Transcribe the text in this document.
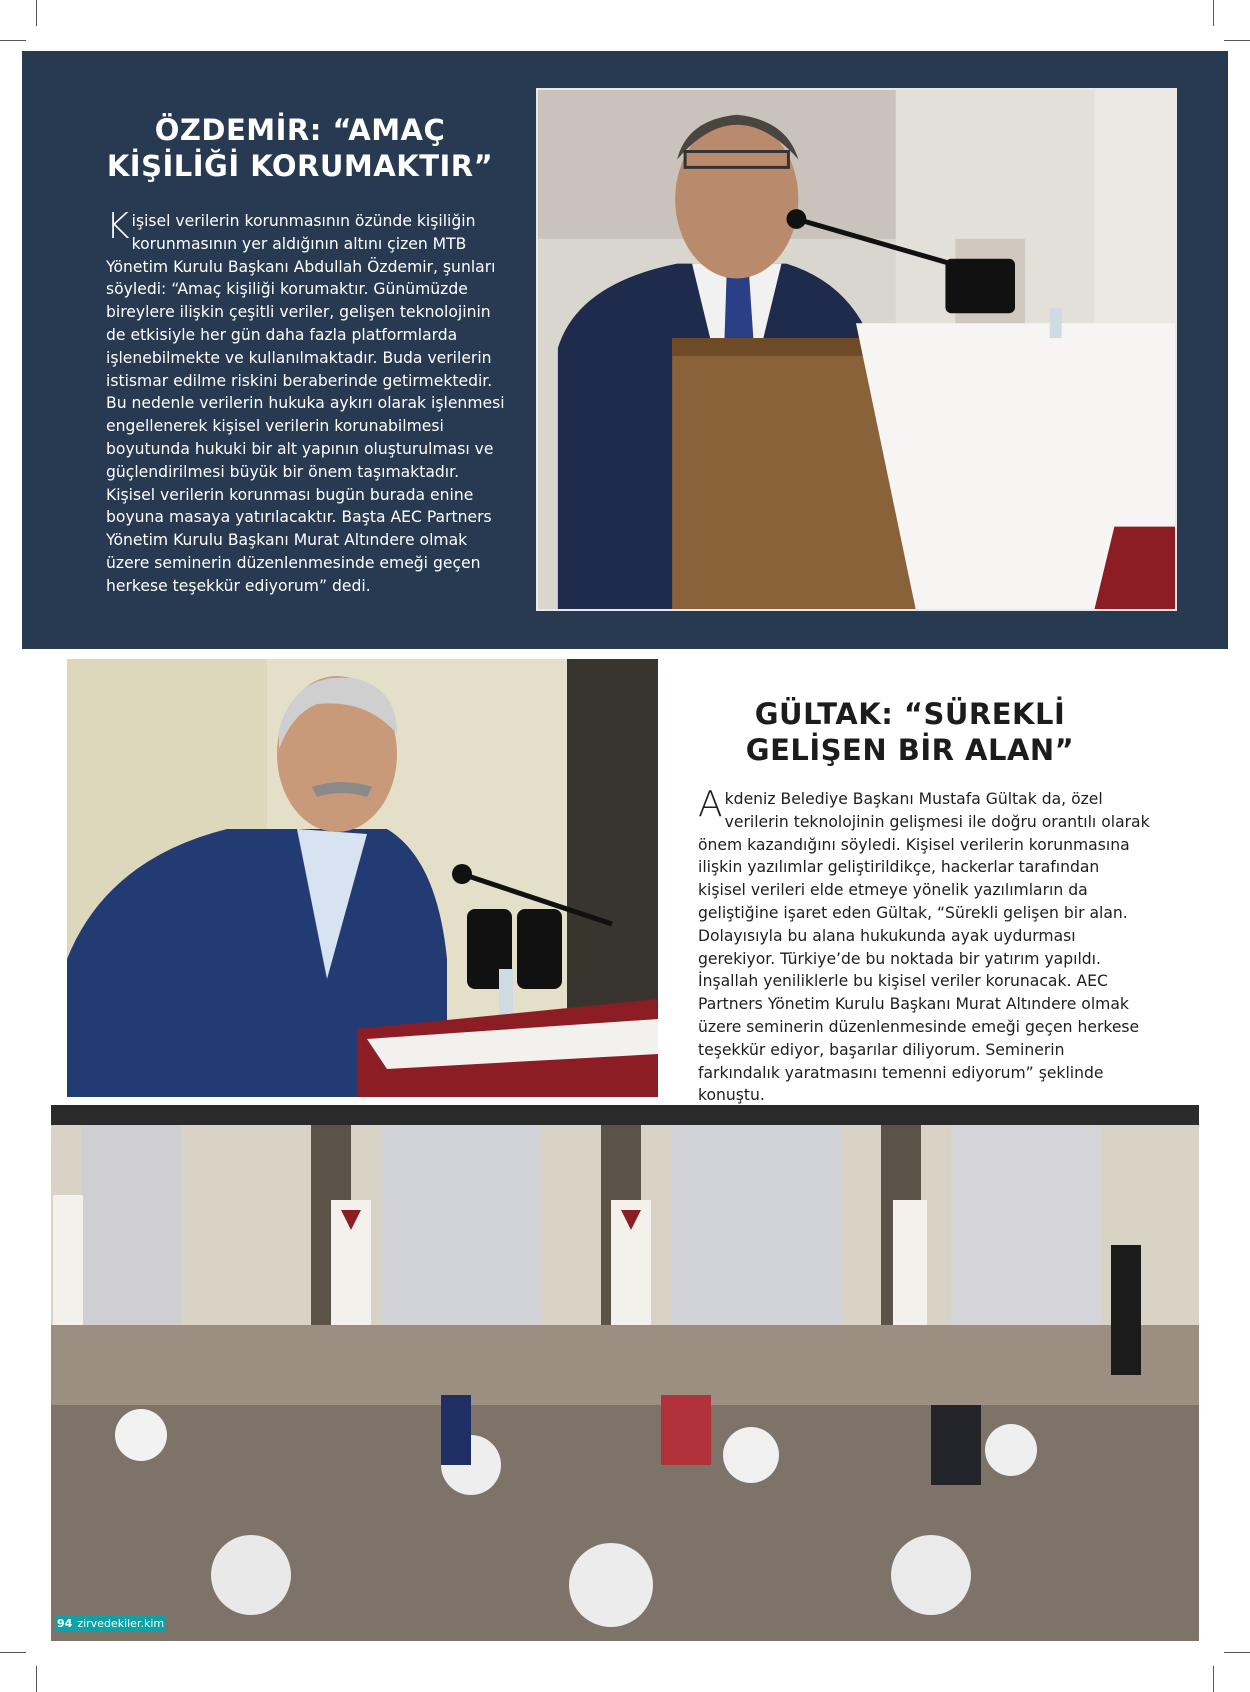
ÖZDEMİR: “AMAÇ
KİŞİLİĞİ KORUMAKTIR”

Kişisel verilerin korunmasının özünde kişiliğin korunmasının yer aldığının altını çizen MTB Yönetim Kurulu Başkanı Abdullah Özdemir, şunları söyledi: “Amaç kişiliği korumaktır. Günümüzde bireylere ilişkin çeşitli veriler, gelişen teknolojinin de etkisiyle her gün daha fazla platformlarda işlenebilmekte ve kullanılmaktadır. Buda verilerin istismar edilme riskini beraberinde getirmektedir. Bu nedenle verilerin hukuka aykırı olarak işlenmesi engellenerek kişisel verilerin korunabilmesi boyutunda hukuki bir alt yapının oluşturulması ve güçlendirilmesi büyük bir önem taşımaktadır. Kişisel verilerin korunması bugün burada enine boyuna masaya yatırılacaktır. Başta AEC Partners Yönetim Kurulu Başkanı Murat Altındere olmak üzere seminerin düzenlenmesinde emeği geçen herkese teşekkür ediyorum” dedi.

GÜLTAK: “SÜREKLİ
GELİŞEN BİR ALAN”

Akdeniz Belediye Başkanı Mustafa Gültak da, özel verilerin teknolojinin gelişmesi ile doğru orantılı olarak önem kazandığını söyledi. Kişisel verilerin korunmasına ilişkin yazılımlar geliştirildikçe, hackerlar tarafından kişisel verileri elde etmeye yönelik yazılımların da geliştiğine işaret eden Gültak, “Sürekli gelişen bir alan. Dolayısıyla bu alana hukukunda ayak uydurması gerekiyor. Türkiye’de bu noktada bir yatırım yapıldı. İnşallah yeniliklerle bu kişisel veriler korunacak. AEC Partners Yönetim Kurulu Başkanı Murat Altındere olmak üzere seminerin düzenlenmesinde emeği geçen herkese teşekkür ediyor, başarılar diliyorum. Seminerin farkındalık yaratmasını temenni ediyorum” şeklinde konuştu.

94 zirvedekiler.kim
